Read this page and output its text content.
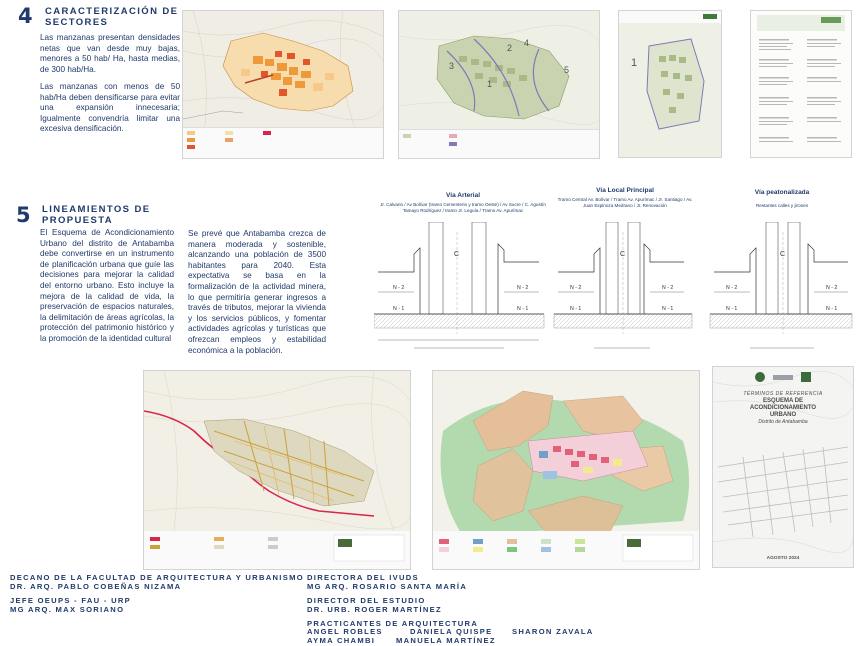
4 CARACTERIZACIÓN DE
SECTORES
Las manzanas presentan densidades netas que van desde muy bajas, menores a 50 hab/ Ha, hasta medias, de 300 hab/Ha.
Las manzanas con menos de 50 hab/Ha deben densificarse para evitar una expansión innecesaria; Igualmente convendría limitar una excesiva densificación.
3
1
2 4
5
1
5 LINEAMIENTOS DE
PROPUESTA
El Esquema de Acondicionamiento Urbano del distrito de Antabamba debe convertirse en un instrumento de planificación urbana que guíe las decisiones para mejorar la calidad del entorno urbano. Esto incluye la mejora de la calidad de vida, la preservación de espacios naturales, la delimitación de áreas agrícolas, la protección del patrimonio histórico y la promoción de la identidad cultural
Se prevé que Antabamba crezca de manera moderada y sostenible, alcanzando una población de 3500 habitantes para 2040. Esta expectativa se basa en la formalización de la actividad minera, lo que permitiría generar ingresos a través de tributos, mejorar la vivienda y los servicios públicos, y fomentar actividades agrícolas y turísticas que ofrezcan empleos y estabilidad económica a la población.
Vía Arterial
Jr. Calvario / Av Bolívar (tramo Cementerio y tramo Oeste) / Av Sucre / C. Agustín Tamayo Rodríguez / tramo Jr. Leguía / Tramo Av. Apurímac
Vía Local Principal
Tramo Central Av. Bolívar / Tramo Av. Apurímac / Jr. Santiago / Av. Juan Espinoza Medrano / Jr. Renovación
Vía peatonalizada
Restantes calles y jirones
N - 2
N - 1
N - 2
N - 1
C
N - 2
N - 1
N - 2
N - 1
C
N - 2
N - 1
N - 2
N - 1
C

TÉRMINOS DE REFERENCIA
ESQUEMA DE
ACONDICIONAMIENTO
URBANO
Distrito de Antabamba
AGOSTO 2024
DECANO DE LA FACULTAD DE ARQUITECTURA Y URBANISMO
DR. ARQ. PABLO COBEÑAS NIZAMA
JEFE OEUPS - FAU - URP
MG ARQ. MAX SORIANO
DIRECTORA DEL IVUDS
MG ARQ. ROSARIO SANTA MARÍA
DIRECTOR DEL ESTUDIO
DR. URB. ROGER MARTÍNEZ
PRACTICANTES DE ARQUITECTURA
ANGEL ROBLES	DANIELA QUISPE	SHARON ZAVALA
AYMA CHAMBI	MANUELA MARTÍNEZ
